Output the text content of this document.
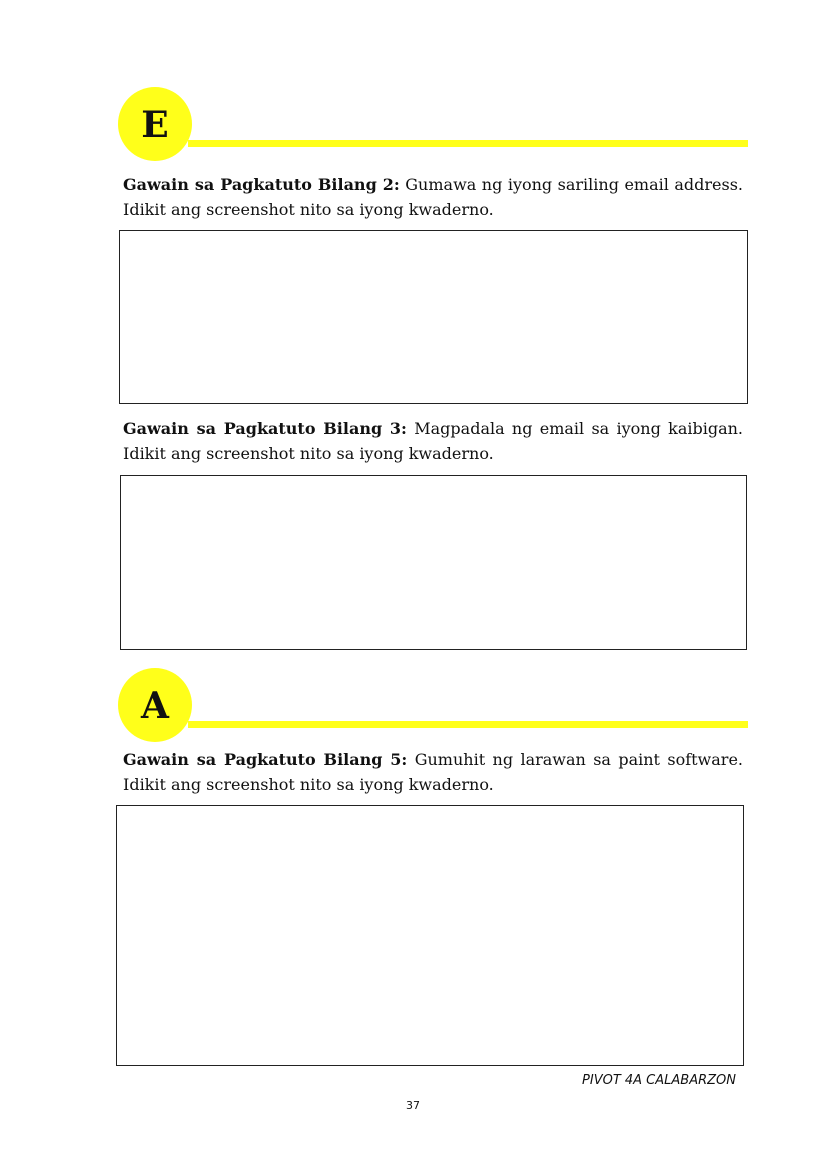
E

Gawain sa Pagkatuto Bilang 2: Gumawa ng iyong sariling email address. Idikit ang screenshot nito sa iyong kwaderno.

Gawain sa Pagkatuto Bilang 3: Magpadala ng email sa iyong kaibigan. Idikit ang screenshot nito sa iyong kwaderno.

A

Gawain sa Pagkatuto Bilang 5: Gumuhit ng larawan sa paint software. Idikit ang screenshot nito sa iyong kwaderno.

PIVOT 4A CALABARZON
37
